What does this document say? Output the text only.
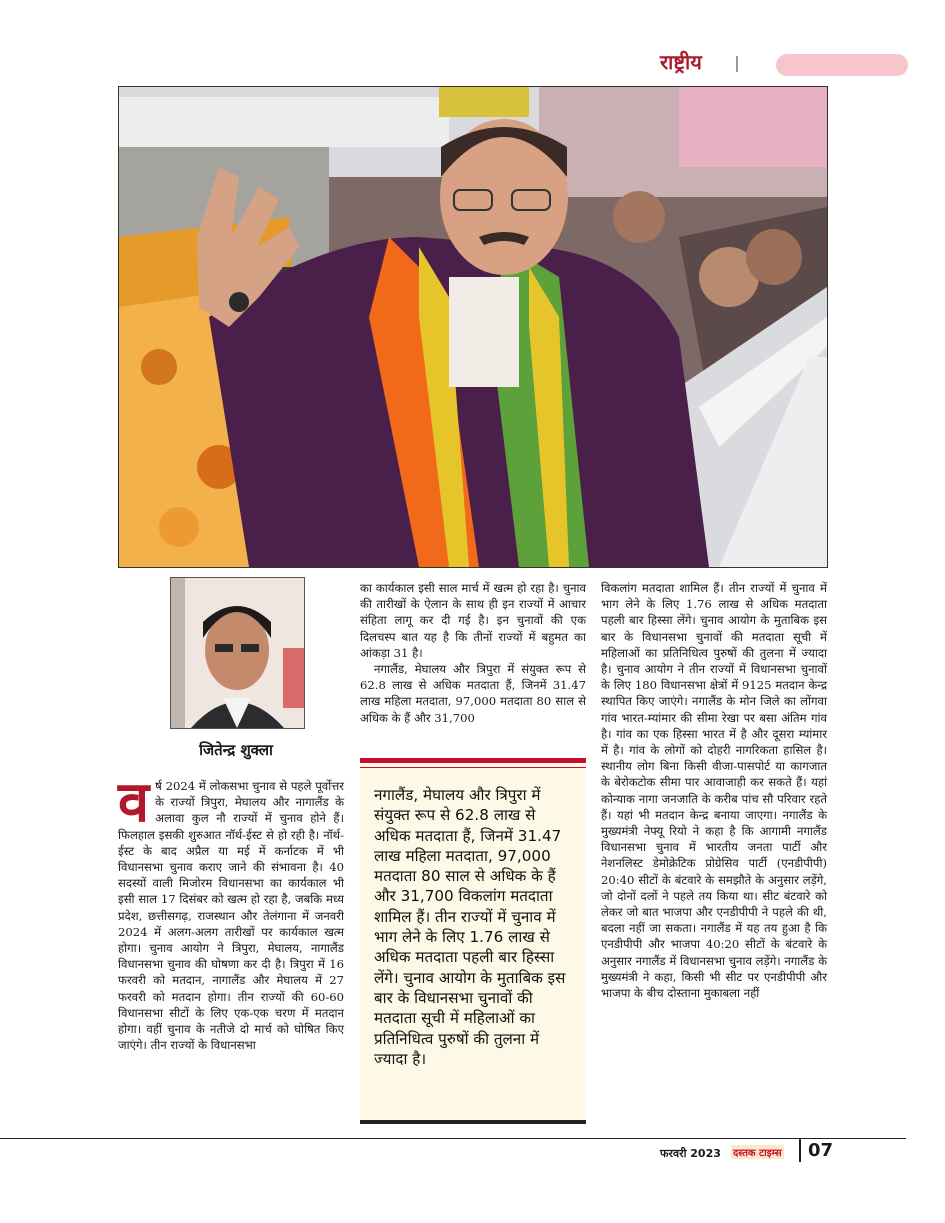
राष्ट्रीय
जितेन्द्र शुक्ला
व र्ष 2024 में लोकसभा चुनाव से पहले पूर्वोत्तर के राज्यों त्रिपुरा, मेघालय और नागालैंड के अलावा कुल नौ राज्यों में चुनाव होने हैं। फिलहाल इसकी शुरुआत नॉर्थ-ईस्ट से हो रही है। नॉर्थ-ईस्ट के बाद अप्रैल या मई में कर्नाटक में भी विधानसभा चुनाव कराए जाने की संभावना है। 40 सदस्यों वाली मिजोरम विधानसभा का कार्यकाल भी इसी साल 17 दिसंबर को खत्म हो रहा है, जबकि मध्य प्रदेश, छत्तीसगढ़, राजस्थान और तेलंगाना में जनवरी 2024 में अलग-अलग तारीखों पर कार्यकाल खत्म होगा। चुनाव आयोग ने त्रिपुरा, मेघालय, नागालैंड विधानसभा चुनाव की घोषणा कर दी है। त्रिपुरा में 16 फरवरी को मतदान, नागालैंड और मेघालय में 27 फरवरी को मतदान होगा। तीन राज्यों की 60-60 विधानसभा सीटों के लिए एक-एक चरण में मतदान होगा। वहीं चुनाव के नतीजे दो मार्च को घोषित किए जाएंगे। तीन राज्यों के विधानसभा

का कार्यकाल इसी साल मार्च में खत्म हो रहा है। चुनाव की तारीखों के ऐलान के साथ ही इन राज्यों में आचार संहिता लागू कर दी गई है। इन चुनावों की एक दिलचस्प बात यह है कि तीनों राज्यों में बहुमत का आंकड़ा 31 है।

नगालैंड, मेघालय और त्रिपुरा में संयुक्त रूप से 62.8 लाख से अधिक मतदाता हैं, जिनमें 31.47 लाख महिला मतदाता, 97,000 मतदाता 80 साल से अधिक के हैं और 31,700

नगालैंड, मेघालय और त्रिपुरा में संयुक्त रूप से 62.8 लाख से अधिक मतदाता हैं, जिनमें 31.47 लाख महिला मतदाता, 97,000 मतदाता 80 साल से अधिक के हैं और 31,700 विकलांग मतदाता शामिल हैं। तीन राज्यों में चुनाव में भाग लेने के लिए 1.76 लाख से अधिक मतदाता पहली बार हिस्सा लेंगे। चुनाव आयोग के मुताबिक इस बार के विधानसभा चुनावों की मतदाता सूची में महिलाओं का प्रतिनिधित्व पुरुषों की तुलना में ज्यादा है।

विकलांग मतदाता शामिल हैं। तीन राज्यों में चुनाव में भाग लेने के लिए 1.76 लाख से अधिक मतदाता पहली बार हिस्सा लेंगे। चुनाव आयोग के मुताबिक इस बार के विधानसभा चुनावों की मतदाता सूची में महिलाओं का प्रतिनिधित्व पुरुषों की तुलना में ज्यादा है। चुनाव आयोग ने तीन राज्यों में विधानसभा चुनावों के लिए 180 विधानसभा क्षेत्रों में 9125 मतदान केन्द्र स्थापित किए जाएंगे। नगालैंड के मोन जिले का लोंगवा गांव भारत-म्यांमार की सीमा रेखा पर बसा अंतिम गांव है। गांव का एक हिस्सा भारत में है और दूसरा म्यांमार में है। गांव के लोगों को दोहरी नागरिकता हासिल है। स्थानीय लोग बिना किसी वीजा-पासपोर्ट या कागजात के बेरोकटोक सीमा पार आवाजाही कर सकते हैं। यहां कोन्याक नागा जनजाति के करीब पांच सौ परिवार रहते हैं। यहां भी मतदान केन्द्र बनाया जाएगा। नगालैंड के मुख्यमंत्री नेफ्यू रियो ने कहा है कि आगामी नगालैंड विधानसभा चुनाव में भारतीय जनता पार्टी और नेशनलिस्ट डेमोक्रेटिक प्रोग्रेसिव पार्टी (एनडीपीपी) 20:40 सीटों के बंटवारे के समझौते के अनुसार लड़ेंगे, जो दोनों दलों ने पहले तय किया था। सीट बंटवारे को लेकर जो बात भाजपा और एनडीपीपी ने पहले की थी, बदला नहीं जा सकता। नगालैंड में यह तय हुआ है कि एनडीपीपी और भाजपा 40:20 सीटों के बंटवारे के अनुसार नगालैंड में विधानसभा चुनाव लड़ेंगे। नगालैंड के मुख्यमंत्री ने कहा, किसी भी सीट पर एनडीपीपी और भाजपा के बीच दोस्ताना मुकाबला नहीं

फरवरी 2023 दस्तक टाइम्स 07
